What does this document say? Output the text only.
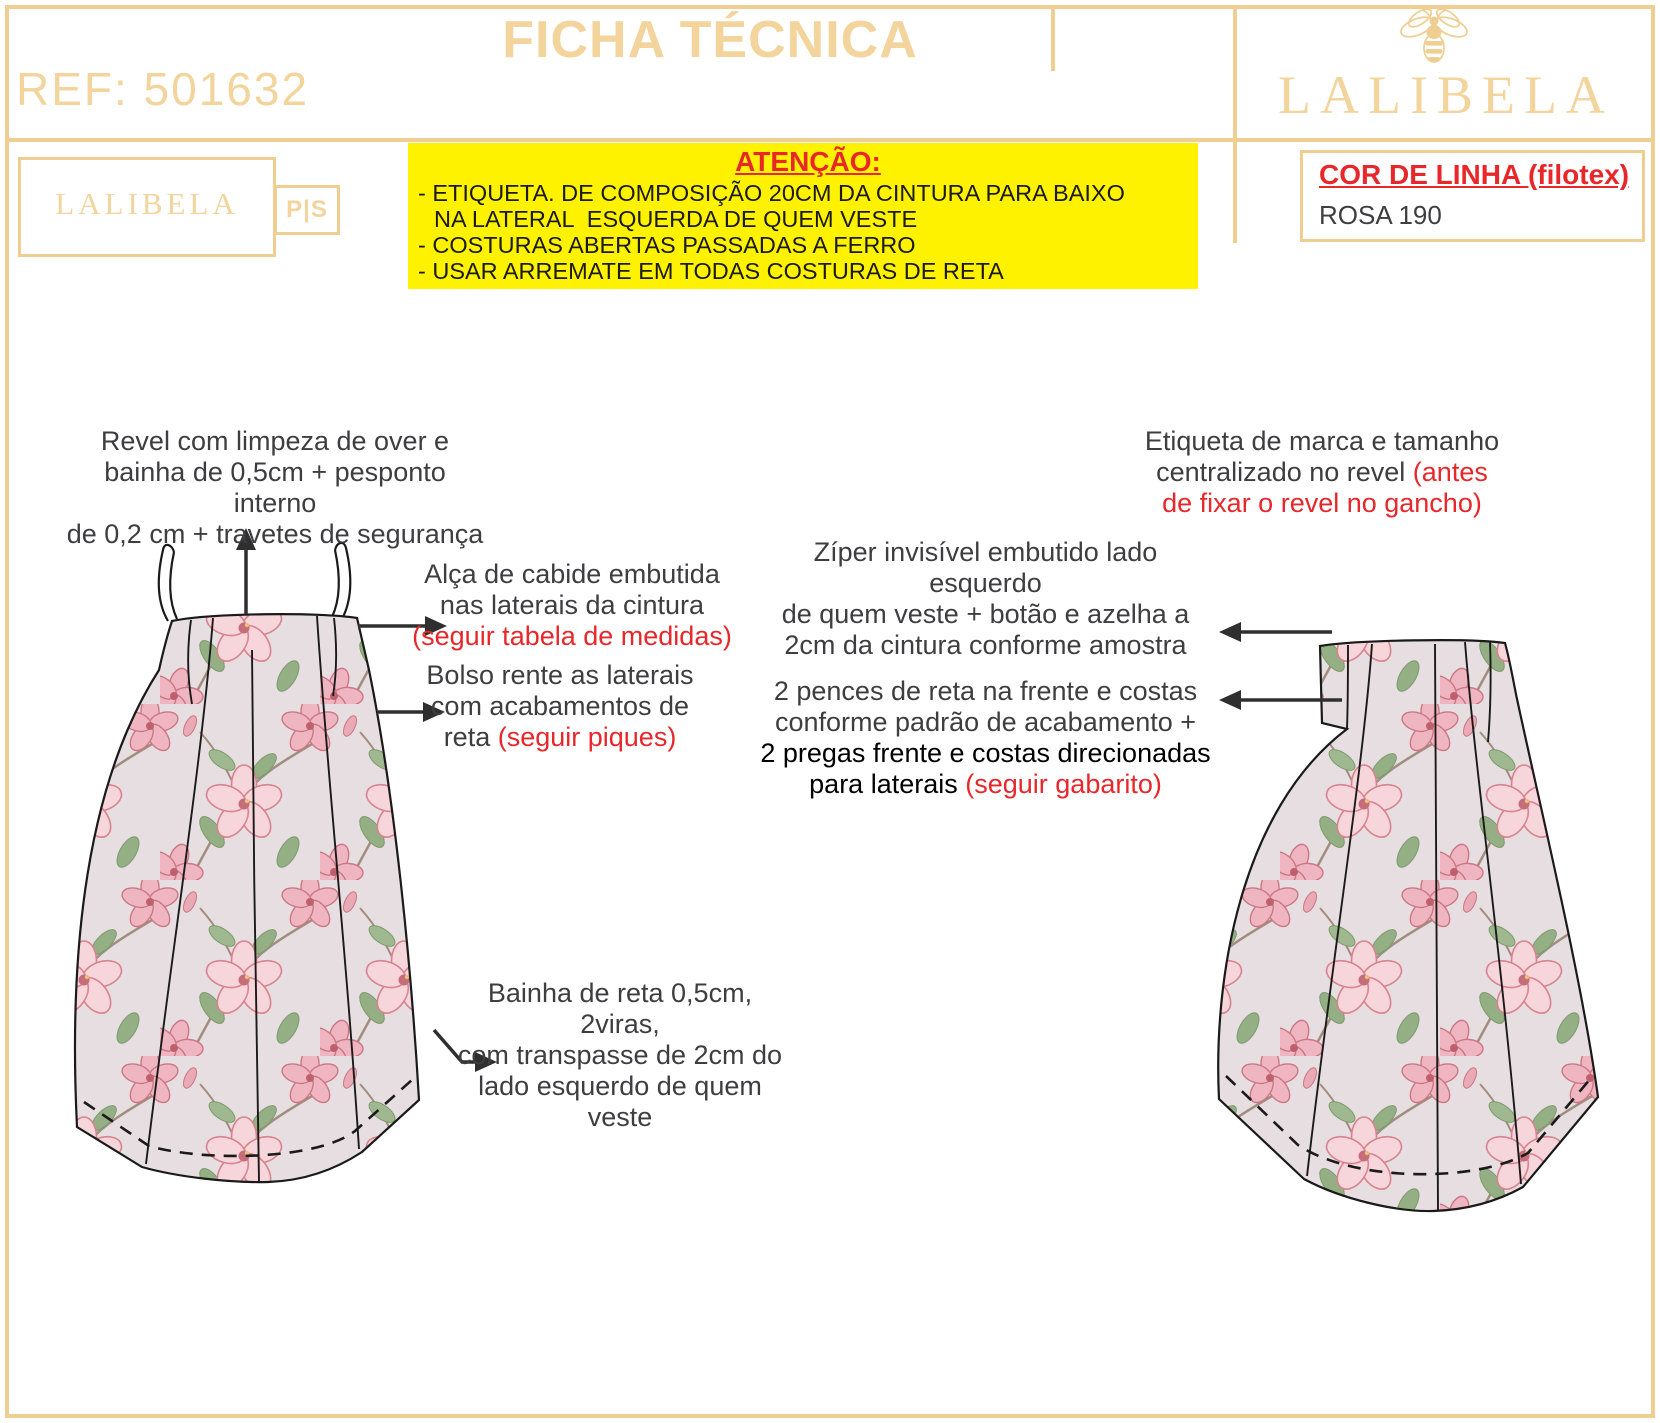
REF: 501632
FICHA TÉCNICA
LALIBELA
LALIBELA	P|S
ATENÇÃO:
- ETIQUETA. DE COMPOSIÇÃO 20CM DA CINTURA PARA BAIXO
NA LATERAL  ESQUERDA DE QUEM VESTE
- COSTURAS ABERTAS PASSADAS A FERRO
- USAR ARREMATE EM TODAS COSTURAS DE RETA
COR DE LINHA (filotex)
ROSA 190
Revel com limpeza de over e
bainha de 0,5cm + pesponto interno
de 0,2 cm + travetes de segurança
Alça de cabide embutida
nas laterais da cintura
(seguir tabela de medidas)
Bolso rente as laterais
com acabamentos de
reta (seguir piques)
Bainha de reta 0,5cm, 2viras,
com transpasse de 2cm do
lado esquerdo de quem veste
Etiqueta de marca e tamanho
centralizado no revel (antes
de fixar o revel no gancho)
Zíper invisível embutido lado esquerdo
de quem veste + botão e azelha a
2cm da cintura conforme amostra
2 pences de reta na frente e costas
conforme padrão de acabamento +
2 pregas frente e costas direcionadas
para laterais (seguir gabarito)
